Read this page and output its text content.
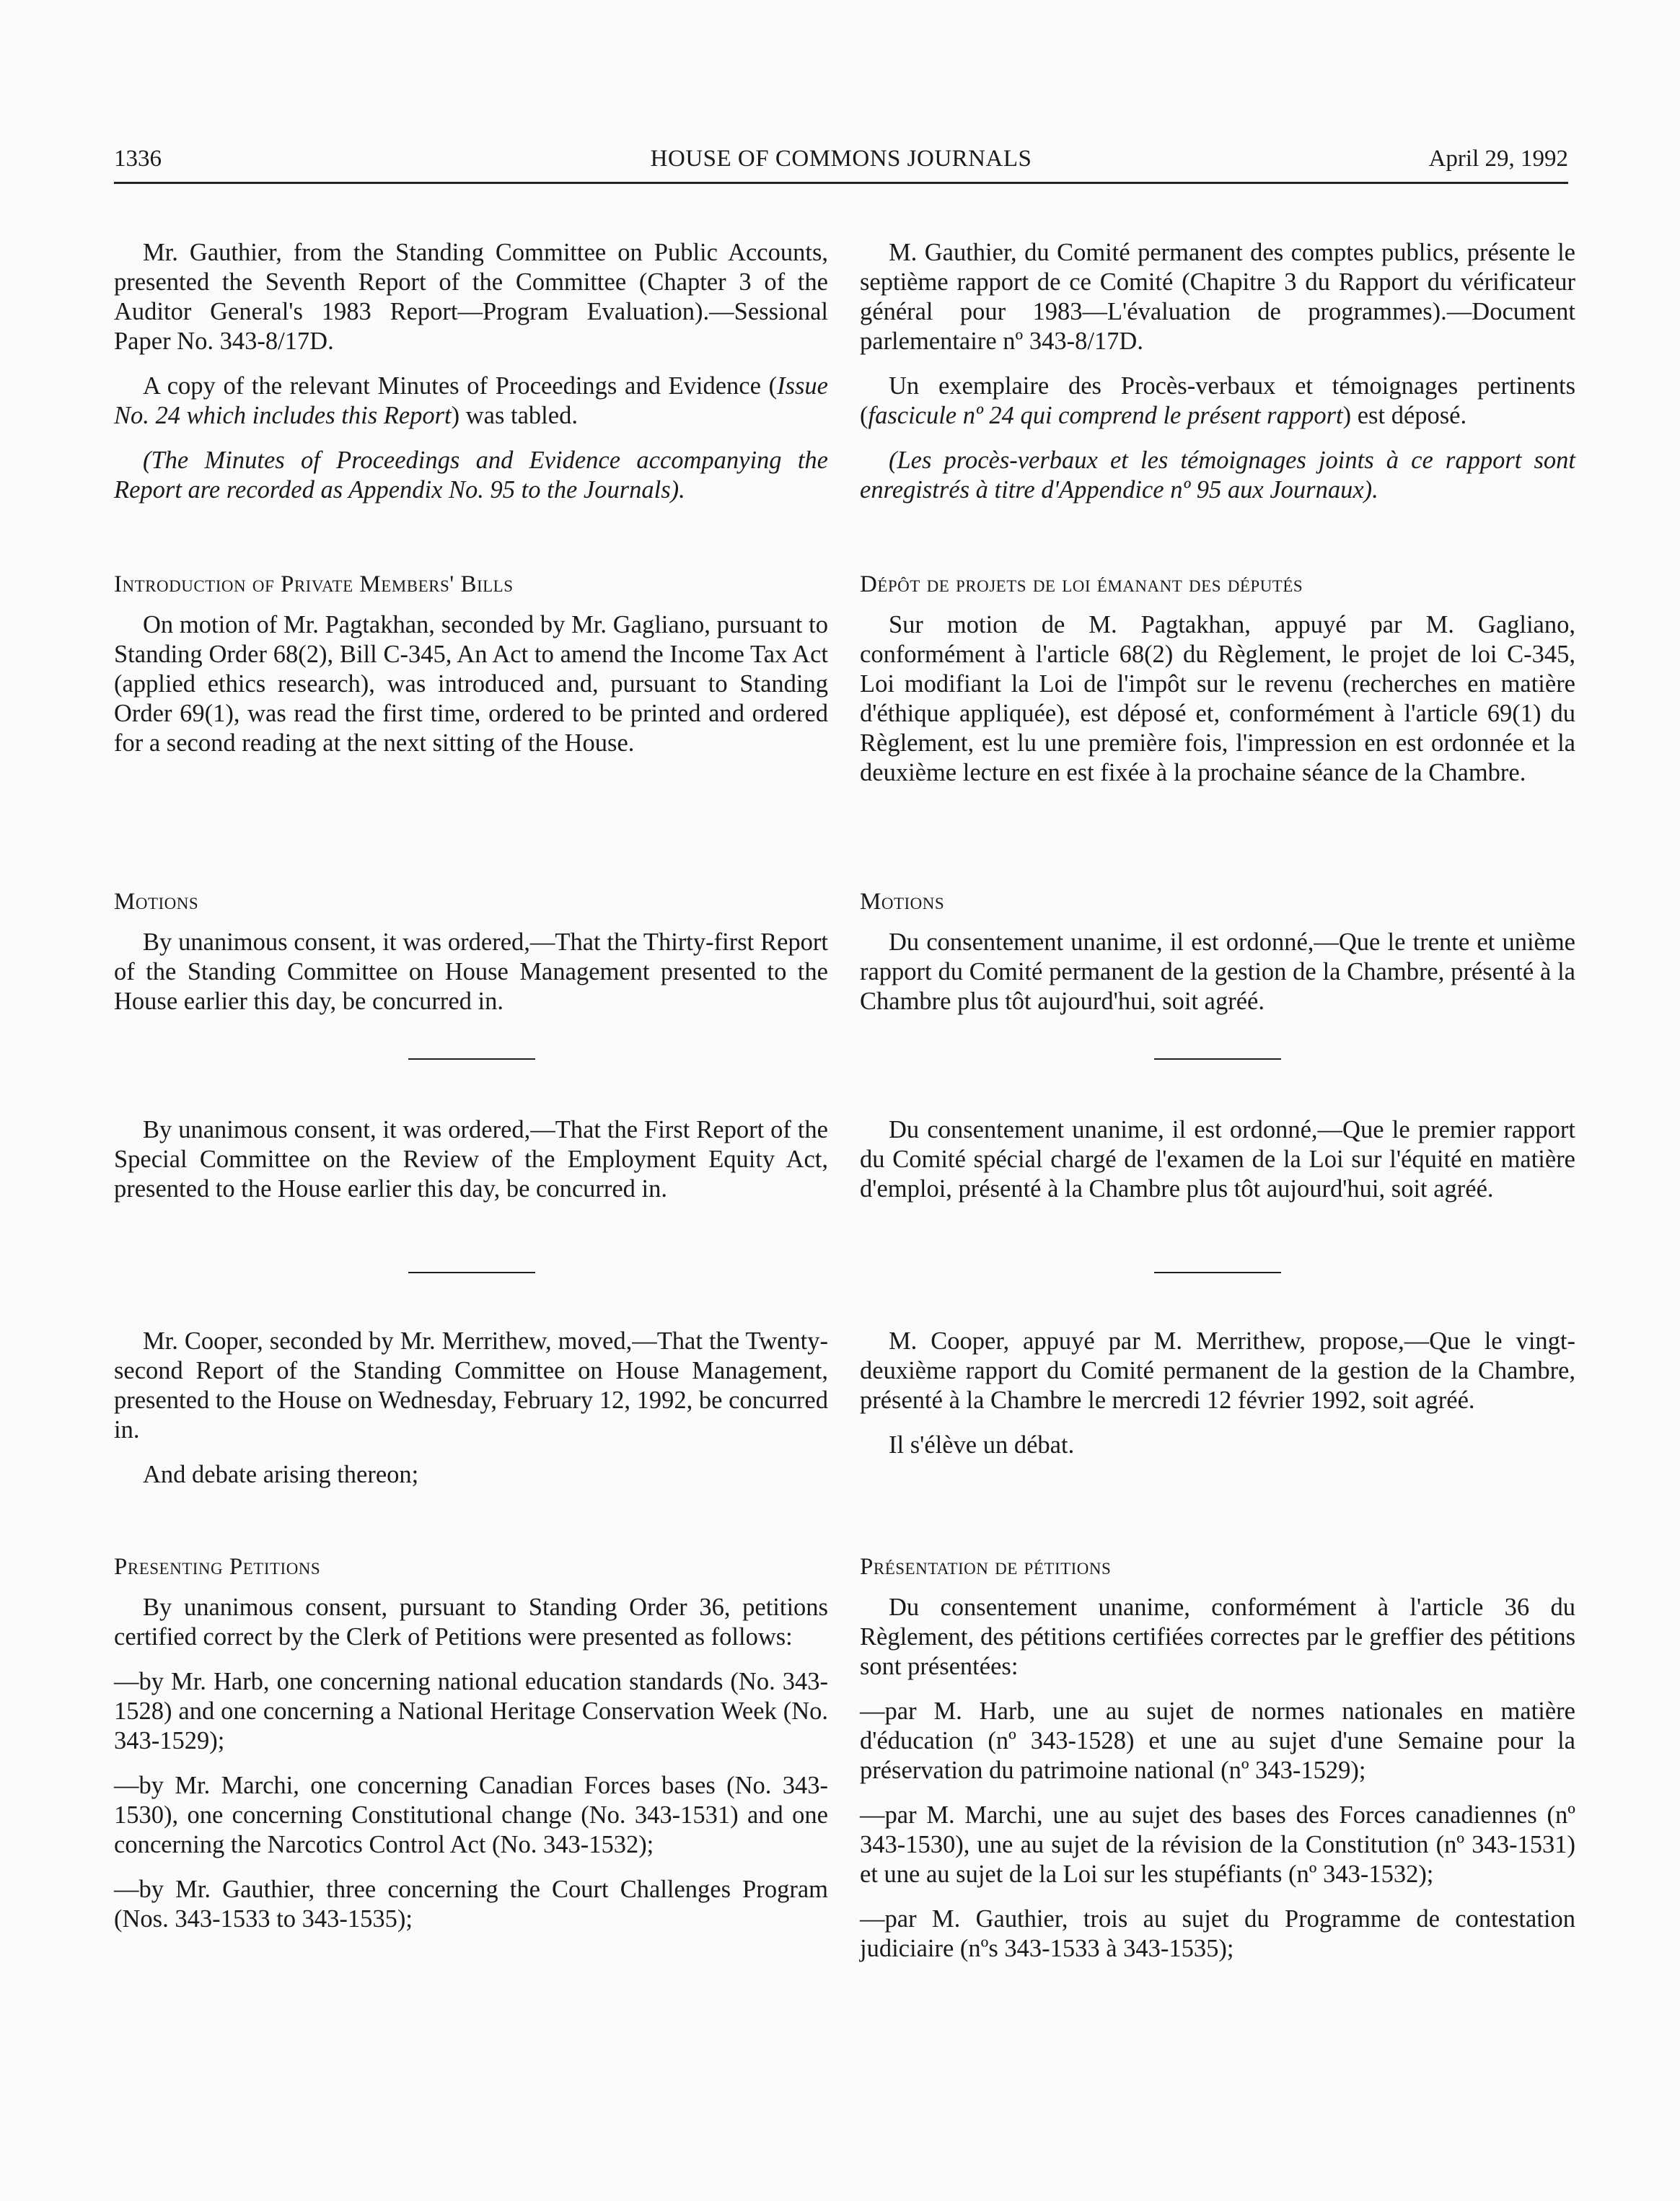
1336	HOUSE OF COMMONS JOURNALS	April 29, 1992

Mr. Gauthier, from the Standing Committee on Public Accounts, presented the Seventh Report of the Committee (Chapter 3 of the Auditor General's 1983 Report—Program Evaluation).—Sessional Paper No. 343-8/17D.

A copy of the relevant Minutes of Proceedings and Evidence (Issue No. 24 which includes this Report) was tabled.

(The Minutes of Proceedings and Evidence accompanying the Report are recorded as Appendix No. 95 to the Journals).

Introduction of Private Members' Bills

On motion of Mr. Pagtakhan, seconded by Mr. Gagliano, pursuant to Standing Order 68(2), Bill C-345, An Act to amend the Income Tax Act (applied ethics research), was introduced and, pursuant to Standing Order 69(1), was read the first time, ordered to be printed and ordered for a second reading at the next sitting of the House.

Motions

By unanimous consent, it was ordered,—That the Thirty-first Report of the Standing Committee on House Management presented to the House earlier this day, be concurred in.

By unanimous consent, it was ordered,—That the First Report of the Special Committee on the Review of the Employment Equity Act, presented to the House earlier this day, be concurred in.

Mr. Cooper, seconded by Mr. Merrithew, moved,—That the Twenty-second Report of the Standing Committee on House Management, presented to the House on Wednesday, February 12, 1992, be concurred in.

And debate arising thereon;

Presenting Petitions

By unanimous consent, pursuant to Standing Order 36, petitions certified correct by the Clerk of Petitions were presented as follows:

—by Mr. Harb, one concerning national education standards (No. 343-1528) and one concerning a National Heritage Conservation Week (No. 343-1529);

—by Mr. Marchi, one concerning Canadian Forces bases (No. 343-1530), one concerning Constitutional change (No. 343-1531) and one concerning the Narcotics Control Act (No. 343-1532);

—by Mr. Gauthier, three concerning the Court Challenges Program (Nos. 343-1533 to 343-1535);

M. Gauthier, du Comité permanent des comptes publics, présente le septième rapport de ce Comité (Chapitre 3 du Rapport du vérificateur général pour 1983—L'évaluation de programmes).—Document parlementaire nº 343-8/17D.

Un exemplaire des Procès-verbaux et témoignages pertinents (fascicule nº 24 qui comprend le présent rapport) est déposé.

(Les procès-verbaux et les témoignages joints à ce rapport sont enregistrés à titre d'Appendice nº 95 aux Journaux).

Dépôt de projets de loi émanant des députés

Sur motion de M. Pagtakhan, appuyé par M. Gagliano, conformément à l'article 68(2) du Règlement, le projet de loi C-345, Loi modifiant la Loi de l'impôt sur le revenu (recherches en matière d'éthique appliquée), est déposé et, conformément à l'article 69(1) du Règlement, est lu une première fois, l'impression en est ordonnée et la deuxième lecture en est fixée à la prochaine séance de la Chambre.

Motions

Du consentement unanime, il est ordonné,—Que le trente et unième rapport du Comité permanent de la gestion de la Chambre, présenté à la Chambre plus tôt aujourd'hui, soit agréé.

Du consentement unanime, il est ordonné,—Que le premier rapport du Comité spécial chargé de l'examen de la Loi sur l'équité en matière d'emploi, présenté à la Chambre plus tôt aujourd'hui, soit agréé.

M. Cooper, appuyé par M. Merrithew, propose,—Que le vingt-deuxième rapport du Comité permanent de la gestion de la Chambre, présenté à la Chambre le mercredi 12 février 1992, soit agréé.

Il s'élève un débat.

Présentation de pétitions

Du consentement unanime, conformément à l'article 36 du Règlement, des pétitions certifiées correctes par le greffier des pétitions sont présentées:

—par M. Harb, une au sujet de normes nationales en matière d'éducation (nº 343-1528) et une au sujet d'une Semaine pour la préservation du patrimoine national (nº 343-1529);

—par M. Marchi, une au sujet des bases des Forces canadiennes (nº 343-1530), une au sujet de la révision de la Constitution (nº 343-1531) et une au sujet de la Loi sur les stupéfiants (nº 343-1532);

—par M. Gauthier, trois au sujet du Programme de contestation judiciaire (nºs 343-1533 à 343-1535);
